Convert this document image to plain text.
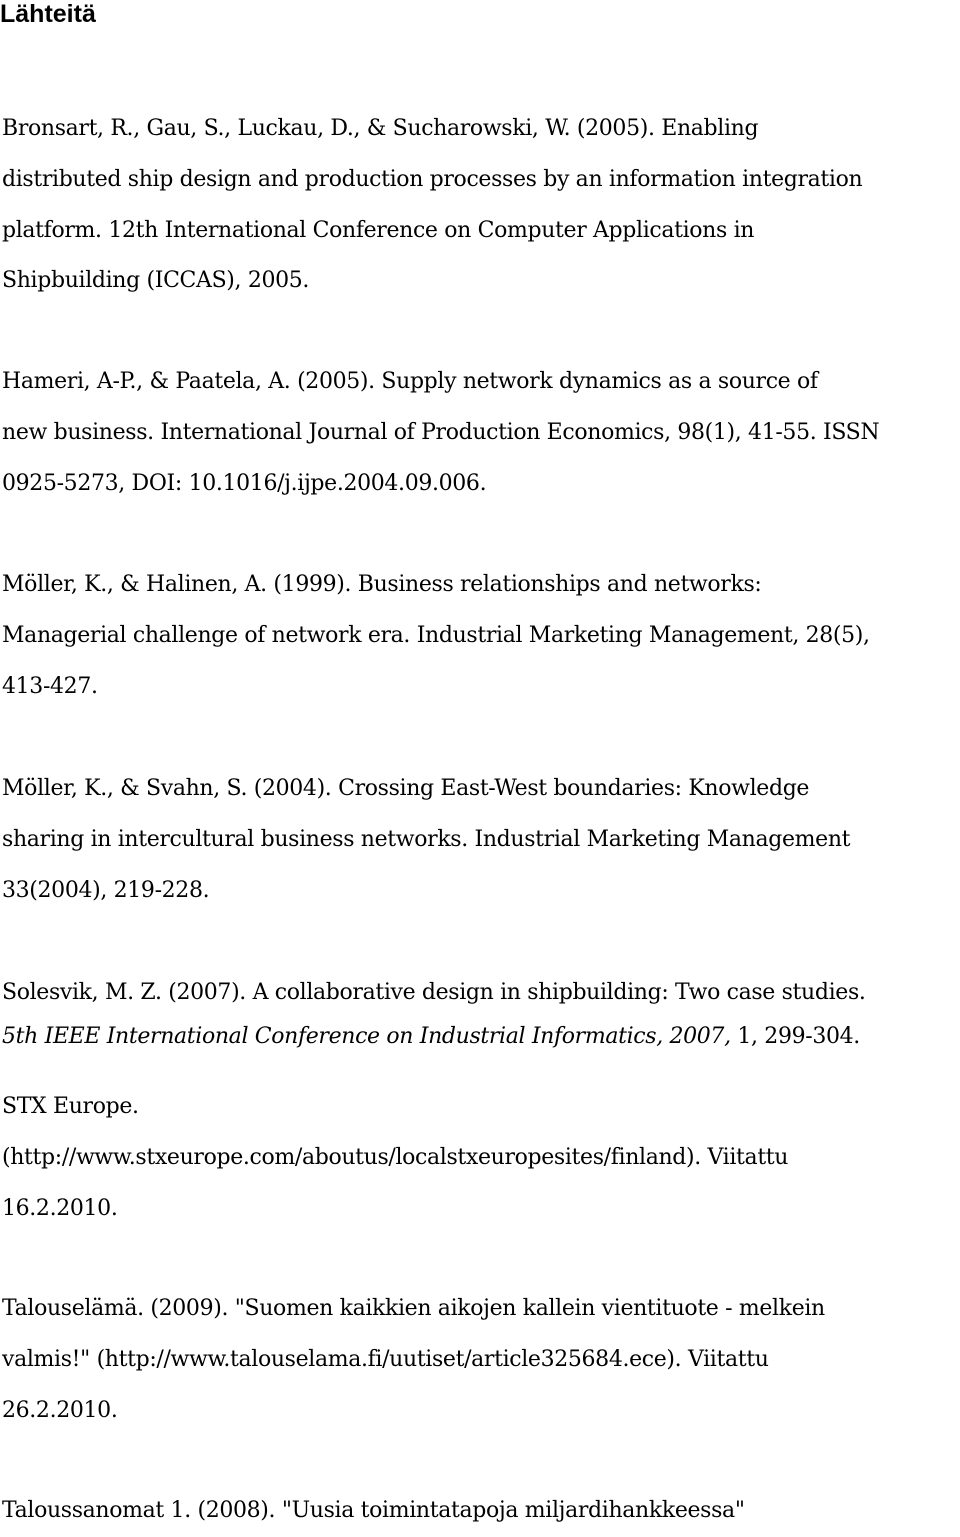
Lähteitä
Bronsart, R., Gau, S., Luckau, D., & Sucharowski, W. (2005). Enabling
distributed ship design and production processes by an information integration
platform. 12th International Conference on Computer Applications in
Shipbuilding (ICCAS), 2005.
Hameri, A-P., & Paatela, A. (2005). Supply network dynamics as a source of
new business. International Journal of Production Economics, 98(1), 41-55. ISSN
0925-5273, DOI: 10.1016/j.ijpe.2004.09.006.
Möller, K., & Halinen, A. (1999). Business relationships and networks:
Managerial challenge of network era. Industrial Marketing Management, 28(5),
413-427.
Möller, K., & Svahn, S. (2004). Crossing East-West boundaries: Knowledge
sharing in intercultural business networks. Industrial Marketing Management
33(2004), 219-228.
Solesvik, M. Z. (2007). A collaborative design in shipbuilding: Two case studies.
5th IEEE International Conference on Industrial Informatics, 2007, 1, 299-304.
STX Europe.
(http://www.stxeurope.com/aboutus/localstxeuropesites/finland). Viitattu
16.2.2010.
Talouselämä. (2009). "Suomen kaikkien aikojen kallein vientituote - melkein
valmis!" (http://www.talouselama.fi/uutiset/article325684.ece). Viitattu
26.2.2010.
Taloussanomat 1. (2008). "Uusia toimintatapoja miljardihankkeessa"
